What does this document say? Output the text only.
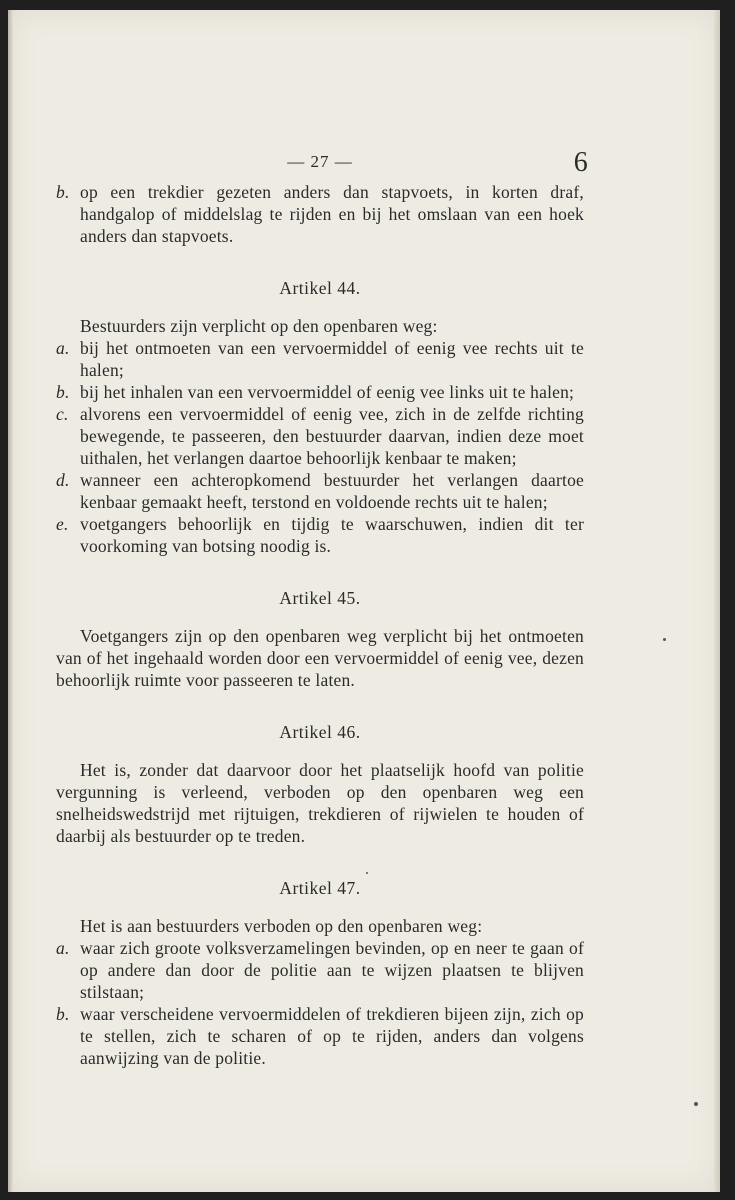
— 27 —	6
b. op een trekdier gezeten anders dan stapvoets, in korten draf, handgalop of middelslag te rijden en bij het omslaan van een hoek anders dan stapvoets.
Artikel 44.

Bestuurders zijn verplicht op den openbaren weg:

a. bij het ontmoeten van een vervoermiddel of eenig vee rechts uit te halen;
b. bij het inhalen van een vervoermiddel of eenig vee links uit te halen;
c. alvorens een vervoermiddel of eenig vee, zich in de zelfde richting bewegende, te passeeren, den bestuurder daarvan, indien deze moet uithalen, het verlangen daartoe behoorlijk kenbaar te maken;
d. wanneer een achteropkomend bestuurder het verlangen daartoe kenbaar gemaakt heeft, terstond en voldoende rechts uit te halen;
e. voetgangers behoorlijk en tijdig te waarschuwen, indien dit ter voorkoming van botsing noodig is.
Artikel 45.

Voetgangers zijn op den openbaren weg verplicht bij het ontmoeten van of het ingehaald worden door een vervoermiddel of eenig vee, dezen behoorlijk ruimte voor passeeren te laten.

Artikel 46.

Het is, zonder dat daarvoor door het plaatselijk hoofd van politie vergunning is verleend, verboden op den openbaren weg een snelheidswedstrijd met rijtuigen, trekdieren of rijwielen te houden of daarbij als bestuurder op te treden.

Artikel 47.

Het is aan bestuurders verboden op den openbaren weg:

a. waar zich groote volksverzamelingen bevinden, op en neer te gaan of op andere dan door de politie aan te wijzen plaatsen te blijven stilstaan;
b. waar verscheidene vervoermiddelen of trekdieren bijeen zijn, zich op te stellen, zich te scharen of op te rijden, anders dan volgens aanwijzing van de politie.
